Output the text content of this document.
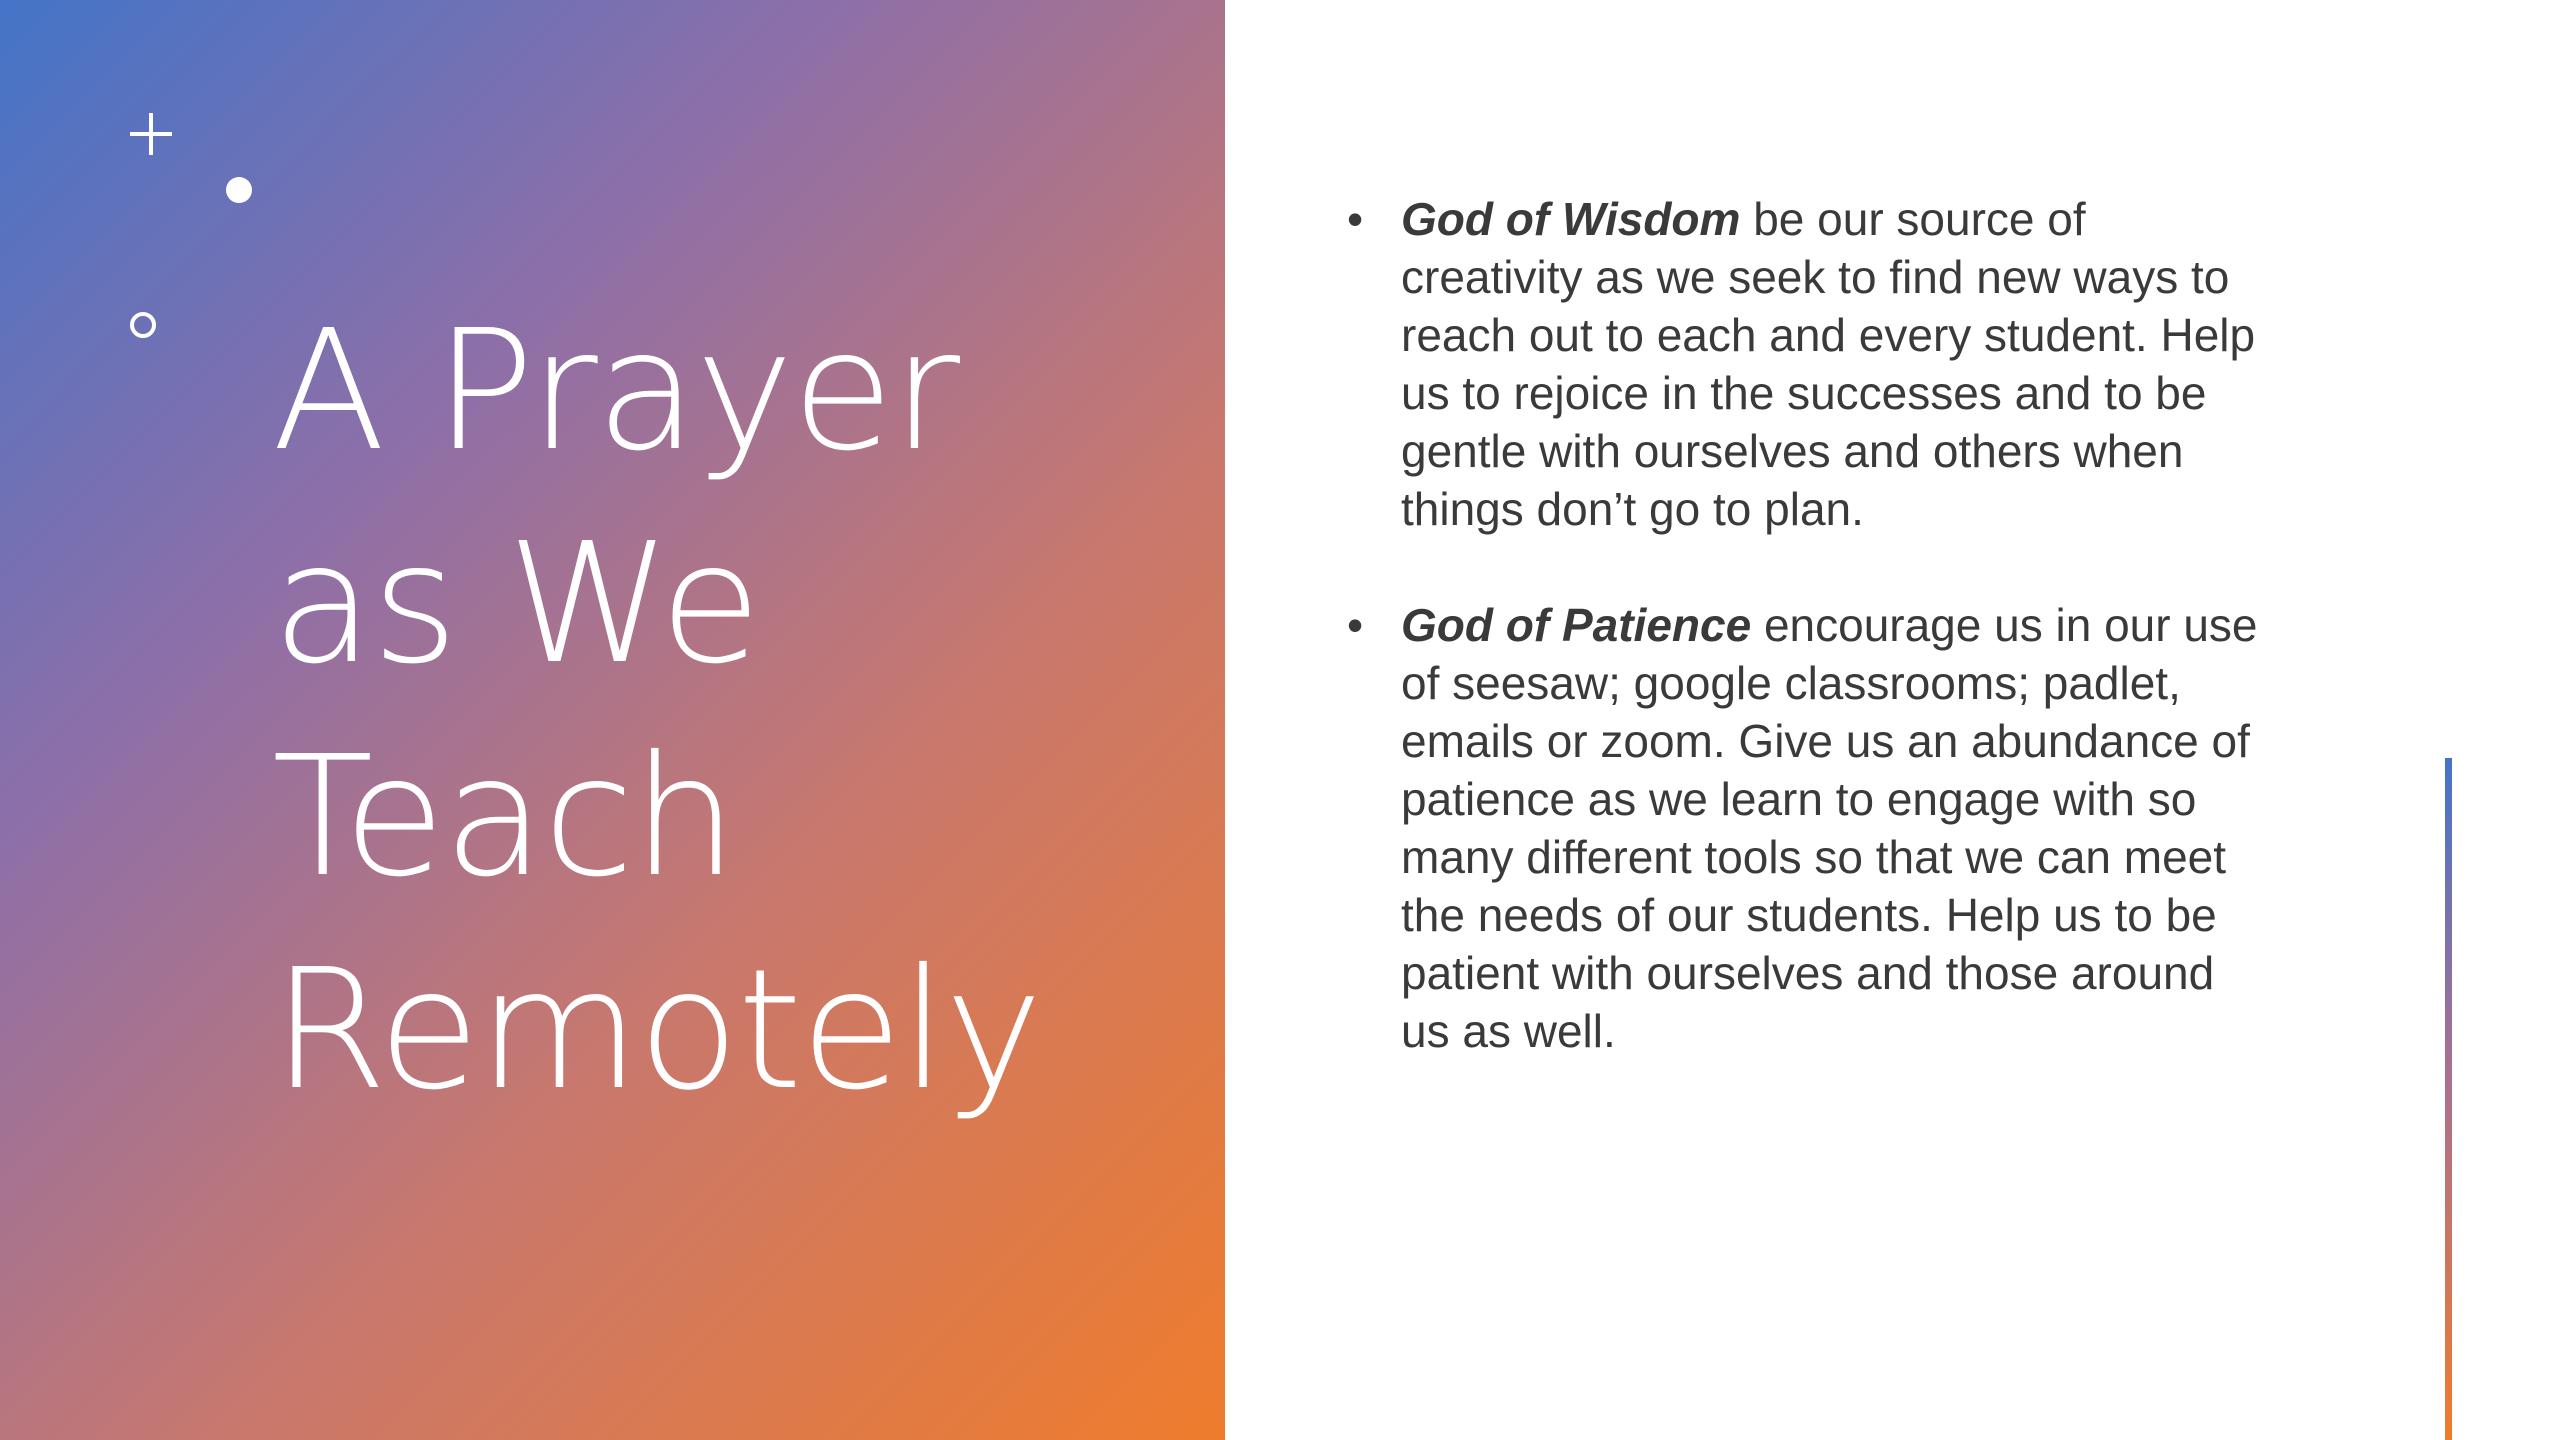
A Prayer
as We
Teach
Remotely

• God of Wisdom be our source of creativity as we seek to find new ways to reach out to each and every student. Help us to rejoice in the successes and to be gentle with ourselves and others when things don’t go to plan.

• God of Patience encourage us in our use of seesaw; google classrooms; padlet, emails or zoom. Give us an abundance of patience as we learn to engage with so many different tools so that we can meet the needs of our students. Help us to be patient with ourselves and those around us as well.
